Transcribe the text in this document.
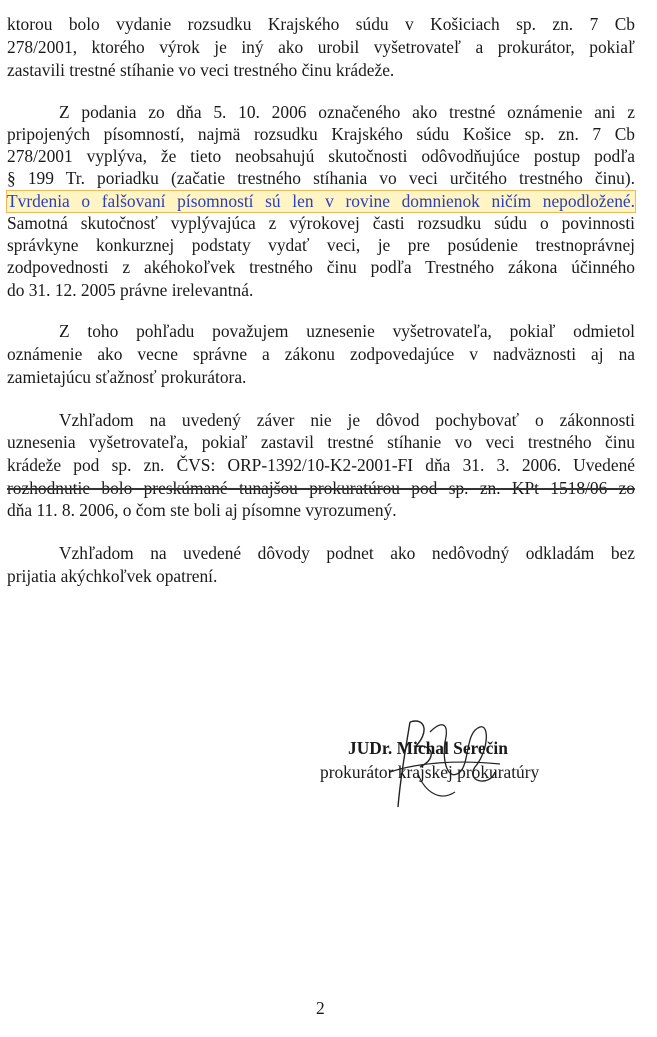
ktorou bolo vydanie rozsudku Krajského súdu v Košiciach sp. zn. 7 Cb
278/2001, ktorého výrok je iný ako urobil vyšetrovateľ a prokurátor, pokiaľ
zastavili trestné stíhanie vo veci trestného činu krádeže.
Z podania zo dňa 5. 10. 2006 označeného ako trestné oznámenie ani z
pripojených písomností, najmä rozsudku Krajského súdu Košice sp. zn. 7 Cb
278/2001 vyplýva, že tieto neobsahujú skutočnosti odôvodňujúce postup podľa
§ 199 Tr. poriadku (začatie trestného stíhania vo veci určitého trestného činu).
Tvrdenia o falšovaní písomností sú len v rovine domnienok ničím nepodložené.
Samotná skutočnosť vyplývajúca z výrokovej časti rozsudku súdu o povinnosti
správkyne konkurznej podstaty vydať veci, je pre posúdenie trestnoprávnej
zodpovednosti z akéhokoľvek trestného činu podľa Trestného zákona účinného
do 31. 12. 2005 právne irelevantná.
Z toho pohľadu považujem uznesenie vyšetrovateľa, pokiaľ odmietol
oznámenie ako vecne správne a zákonu zodpovedajúce v nadväznosti aj na
zamietajúcu sťažnosť prokurátora.
Vzhľadom na uvedený záver nie je dôvod pochybovať o zákonnosti
uznesenia vyšetrovateľa, pokiaľ zastavil trestné stíhanie vo veci trestného činu
krádeže pod sp. zn. ČVS: ORP-1392/10-K2-2001-FI dňa 31. 3. 2006. Uvedené
rozhodnutie bolo preskúmané tunajšou prokuratúrou pod sp. zn. KPt 1518/06 zo
dňa 11. 8. 2006, o čom ste boli aj písomne vyrozumený.
Vzhľadom na uvedené dôvody podnet ako nedôvodný odkladám bez
prijatia akýchkoľvek opatrení.
JUDr. Michal Serečin
prokurátor krajskej prokuratúry
2
